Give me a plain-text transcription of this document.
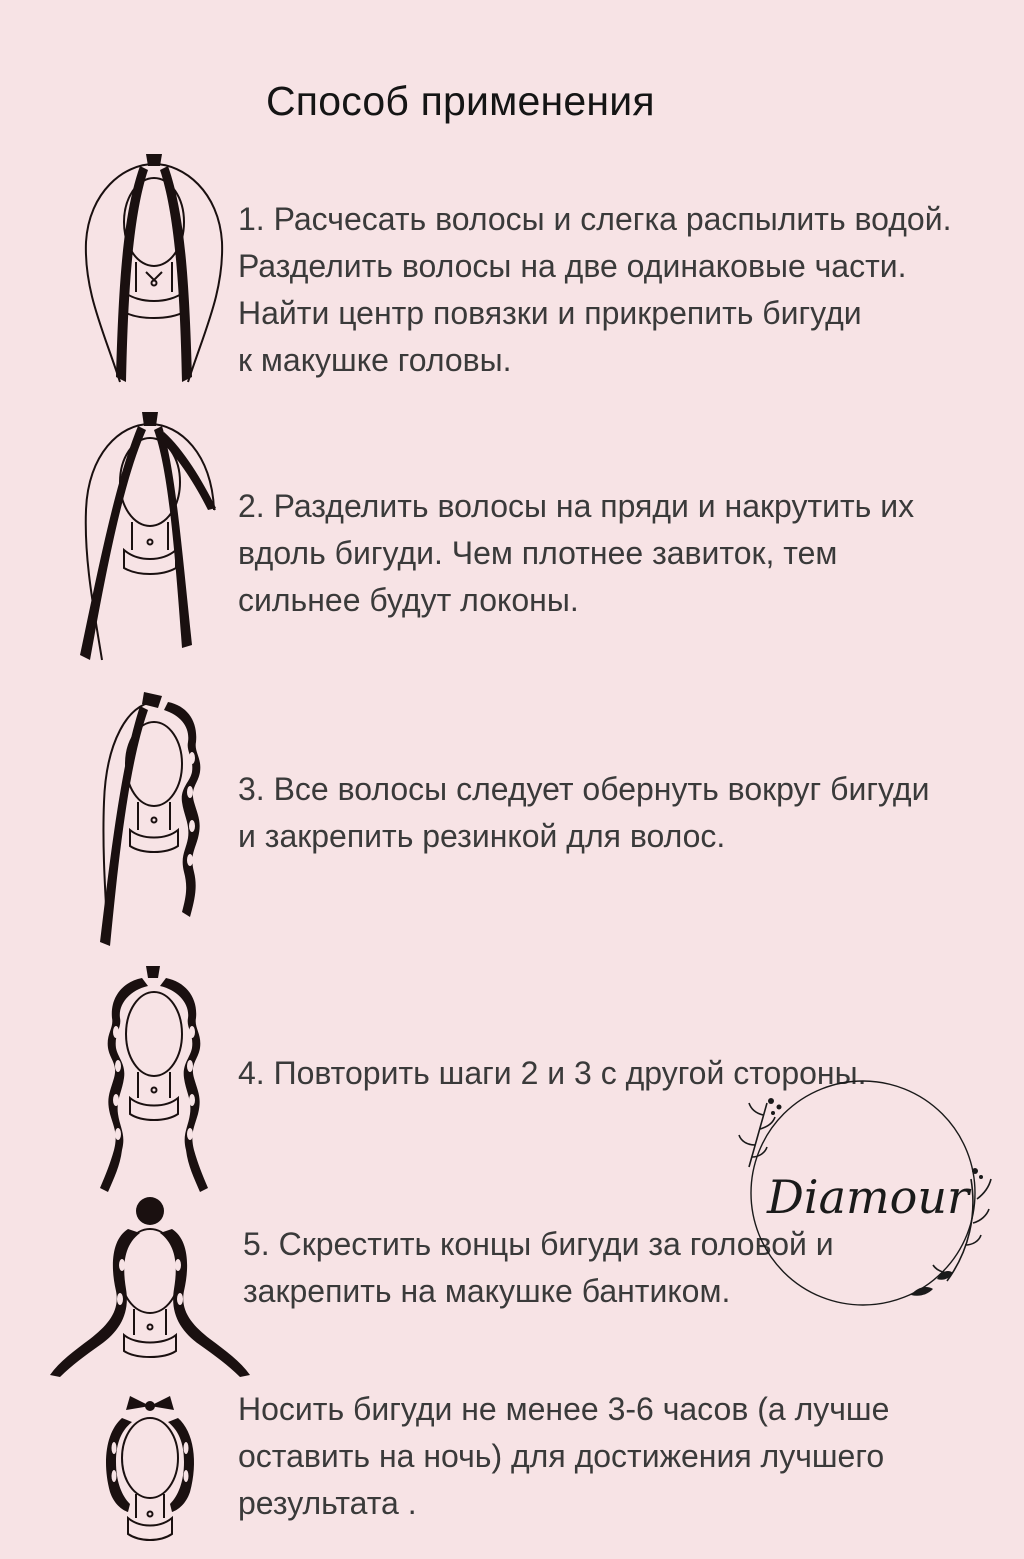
Способ применения
1. Расчесать волосы и слегка распылить водой.
Разделить волосы на две одинаковые части.
Найти центр повязки и прикрепить бигуди
к макушке головы.
2. Разделить волосы на пряди и накрутить их
вдоль бигуди. Чем плотнее завиток, тем
сильнее будут локоны.
3. Все волосы следует обернуть вокруг бигуди
и закрепить резинкой для волос.
4. Повторить шаги 2 и 3 с другой стороны.
5. Скрестить концы бигуди за головой и
закрепить на макушке бантиком.
Носить бигуди не менее 3-6 часов (а лучше
оставить на ночь) для достижения лучшего
результата .
Diamour
